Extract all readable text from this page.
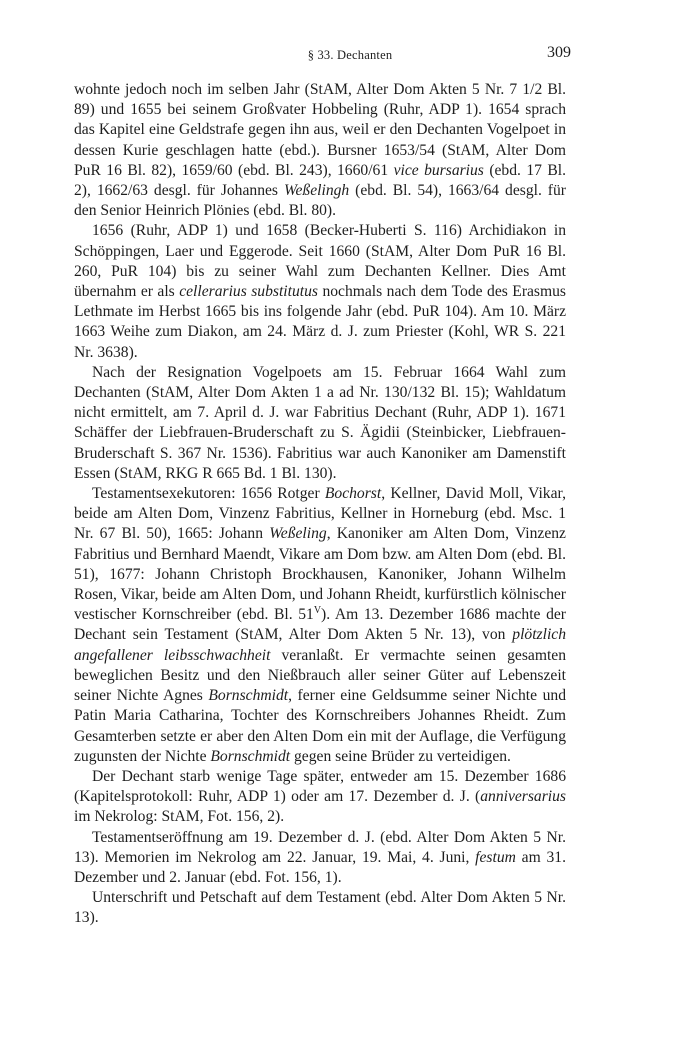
§ 33. Dechanten	309

wohnte jedoch noch im selben Jahr (StAM, Alter Dom Akten 5 Nr. 7 1/2 Bl. 89) und 1655 bei seinem Großvater Hobbeling (Ruhr, ADP 1). 1654 sprach das Kapitel eine Geldstrafe gegen ihn aus, weil er den Dechanten Vogelpoet in dessen Kurie geschlagen hatte (ebd.). Bursner 1653/54 (StAM, Alter Dom PuR 16 Bl. 82), 1659/60 (ebd. Bl. 243), 1660/61 vice bursarius (ebd. 17 Bl. 2), 1662/63 desgl. für Johannes Weßelingh (ebd. Bl. 54), 1663/64 desgl. für den Senior Heinrich Plönies (ebd. Bl. 80).

1656 (Ruhr, ADP 1) und 1658 (Becker-Huberti S. 116) Archidiakon in Schöppingen, Laer und Eggerode. Seit 1660 (StAM, Alter Dom PuR 16 Bl. 260, PuR 104) bis zu seiner Wahl zum Dechanten Kellner. Dies Amt übernahm er als cellerarius substitutus nochmals nach dem Tode des Erasmus Lethmate im Herbst 1665 bis ins folgende Jahr (ebd. PuR 104). Am 10. März 1663 Weihe zum Diakon, am 24. März d. J. zum Priester (Kohl, WR S. 221 Nr. 3638).

Nach der Resignation Vogelpoets am 15. Februar 1664 Wahl zum Dechanten (StAM, Alter Dom Akten 1 a ad Nr. 130/132 Bl. 15); Wahldatum nicht ermittelt, am 7. April d. J. war Fabritius Dechant (Ruhr, ADP 1). 1671 Schäffer der Liebfrauen-Bruderschaft zu S. Ägidii (Steinbicker, Liebfrauen-Bruderschaft S. 367 Nr. 1536). Fabritius war auch Kanoniker am Damenstift Essen (StAM, RKG R 665 Bd. 1 Bl. 130).

Testamentsexekutoren: 1656 Rotger Bochorst, Kellner, David Moll, Vikar, beide am Alten Dom, Vinzenz Fabritius, Kellner in Horneburg (ebd. Msc. 1 Nr. 67 Bl. 50), 1665: Johann Weßeling, Kanoniker am Alten Dom, Vinzenz Fabritius und Bernhard Maendt, Vikare am Dom bzw. am Alten Dom (ebd. Bl. 51), 1677: Johann Christoph Brockhausen, Kanoniker, Johann Wilhelm Rosen, Vikar, beide am Alten Dom, und Johann Rheidt, kurfürstlich kölnischer vestischer Kornschreiber (ebd. Bl. $51^V$). Am 13. Dezember 1686 machte der Dechant sein Testament (StAM, Alter Dom Akten 5 Nr. 13), von plötzlich angefallener leibsschwachheit veranlaßt. Er vermachte seinen gesamten beweglichen Besitz und den Nießbrauch aller seiner Güter auf Lebenszeit seiner Nichte Agnes Bornschmidt, ferner eine Geldsumme seiner Nichte und Patin Maria Catharina, Tochter des Kornschreibers Johannes Rheidt. Zum Gesamterben setzte er aber den Alten Dom ein mit der Auflage, die Verfügung zugunsten der Nichte Bornschmidt gegen seine Brüder zu verteidigen.

Der Dechant starb wenige Tage später, entweder am 15. Dezember 1686 (Kapitelsprotokoll: Ruhr, ADP 1) oder am 17. Dezember d. J. (anniversarius im Nekrolog: StAM, Fot. 156, 2).

Testamentseröffnung am 19. Dezember d. J. (ebd. Alter Dom Akten 5 Nr. 13). Memorien im Nekrolog am 22. Januar, 19. Mai, 4. Juni, festum am 31. Dezember und 2. Januar (ebd. Fot. 156, 1).

Unterschrift und Petschaft auf dem Testament (ebd. Alter Dom Akten 5 Nr. 13).
